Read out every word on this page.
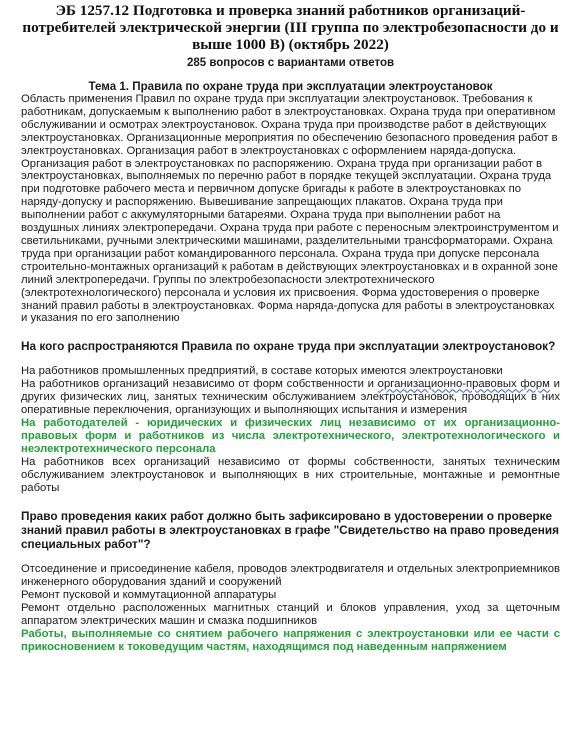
ЭБ 1257.12 Подготовка и проверка знаний работников организаций-потребителей электрической энергии (III группа по электробезопасности до и выше 1000 В) (октябрь 2022)
285 вопросов с вариантами ответов
Тема 1. Правила по охране труда при эксплуатации электроустановок

Область применения Правил по охране труда при эксплуатации электроустановок. Требования к работникам, допускаемым к выполнению работ в электроустановках. Охрана труда при оперативном обслуживании и осмотрах электроустановок. Охрана труда при производстве работ в действующих электроустановках. Организационные мероприятия по обеспечению безопасного проведения работ в электроустановках. Организация работ в электроустановках с оформлением наряда-допуска. Организация работ в электроустановках по распоряжению. Охрана труда при организации работ в электроустановках, выполняемых по перечню работ в порядке текущей эксплуатации. Охрана труда при подготовке рабочего места и первичном допуске бригады к работе в электроустановках по наряду-допуску и распоряжению. Вывешивание запрещающих плакатов. Охрана труда при выполнении работ с аккумуляторными батареями. Охрана труда при выполнении работ на воздушных линиях электропередачи. Охрана труда при работе с переносным электроинструментом и светильниками, ручными электрическими машинами, разделительными трансформаторами. Охрана труда при организации работ командированного персонала. Охрана труда при допуске персонала строительно-монтажных организаций к работам в действующих электроустановках и в охранной зоне линий электропередачи. Группы по электробезопасности электротехнического (электротехнологического) персонала и условия их присвоения. Форма удостоверения о проверке знаний правил работы в электроустановках. Форма наряда-допуска для работы в электроустановках и указания по его заполнению

На кого распространяются Правила по охране труда при эксплуатации электроустановок?

На работников промышленных предприятий, в составе которых имеются электроустановки

На работников организаций независимо от форм собственности и организационно-правовых форм и других физических лиц, занятых техническим обслуживанием электроустановок, проводящих в них оперативные переключения, организующих и выполняющих испытания и измерения

На работодателей - юридических и физических лиц независимо от их организационно-правовых форм и работников из числа электротехнического, электротехнологического и неэлектротехнического персонала

На работников всех организаций независимо от формы собственности, занятых техническим обслуживанием электроустановок и выполняющих в них строительные, монтажные и ремонтные работы

Право проведения каких работ должно быть зафиксировано в удостоверении о проверке знаний правил работы в электроустановках в графе "Свидетельство на право проведения специальных работ"?

Отсоединение и присоединение кабеля, проводов электродвигателя и отдельных электроприемников инженерного оборудования зданий и сооружений

Ремонт пусковой и коммутационной аппаратуры

Ремонт отдельно расположенных магнитных станций и блоков управления, уход за щеточным аппаратом электрических машин и смазка подшипников

Работы, выполняемые со снятием рабочего напряжения с электроустановки или ее части с прикосновением к токоведущим частям, находящимся под наведенным напряжением
